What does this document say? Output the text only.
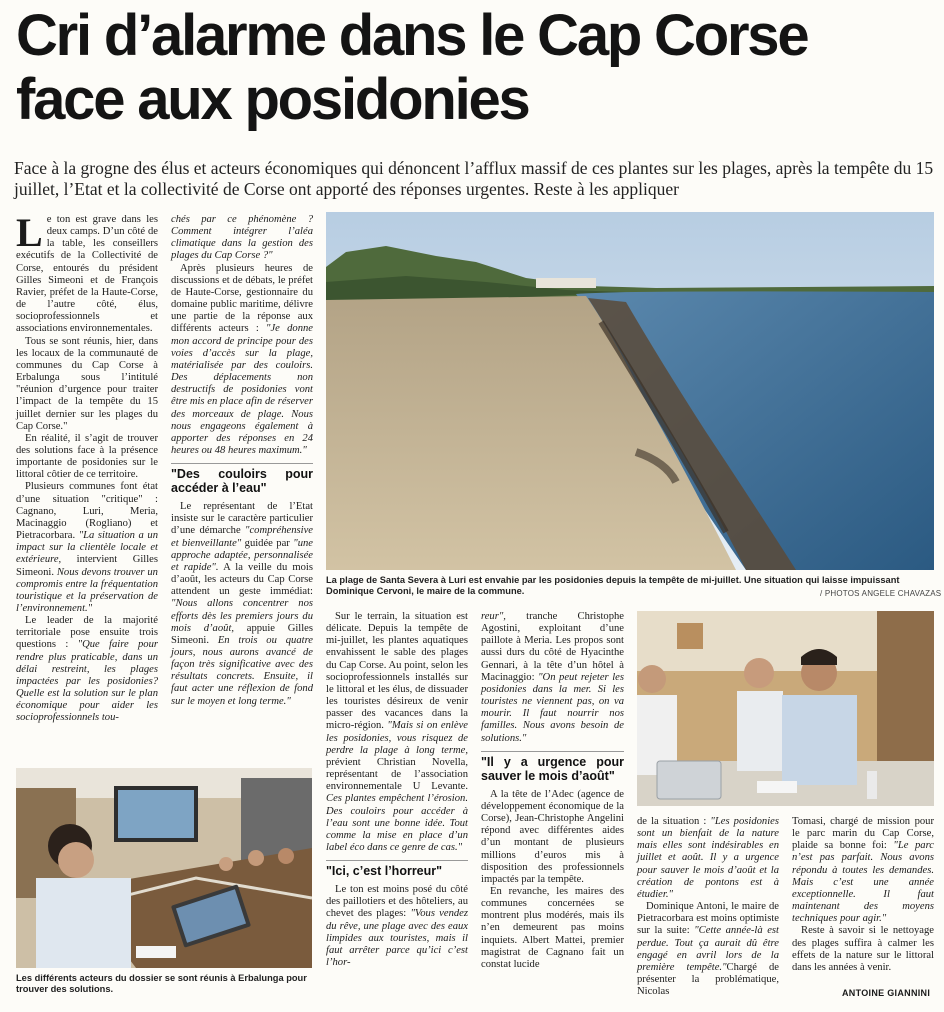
Cri d’alarme dans le Cap Corse
face aux posidonies

Face à la grogne des élus et acteurs économiques qui dénoncent l’afflux massif de ces plantes sur les plages, après la tempête du 15 juillet, l’Etat et la collectivité de Corse ont apporté des réponses urgentes. Reste à les appliquer

Le ton est grave dans les deux camps. D’un côté de la table, les conseillers exécutifs de la Collectivité de Corse, entourés du président Gilles Simeoni et de François Ravier, préfet de la Haute-Corse, de l’autre côté, élus, socioprofessionnels et associations environnementales.

Tous se sont réunis, hier, dans les locaux de la communauté de communes du Cap Corse à Erbalunga sous l’intitulé "réunion d’urgence pour traiter l’impact de la tempête du 15 juillet dernier sur les plages du Cap Corse."

En réalité, il s’agit de trouver des solutions face à la présence importante de posidonies sur le littoral côtier de ce territoire.

Plusieurs communes font état d’une situation "critique" : Cagnano, Luri, Meria, Macinaggio (Rogliano) et Pietracorbara. "La situation a un impact sur la clientèle locale et extérieure, intervient Gilles Simeoni. Nous devons trouver un compromis entre la fréquentation touristique et la préservation de l’environnement."

Le leader de la majorité territoriale pose ensuite trois questions : "Que faire pour rendre plus praticable, dans un délai restreint, les plages impactées par les posidonies? Quelle est la solution sur le plan économique pour aider les socioprofessionnels tou-

chés par ce phénomène ? Comment intégrer l’aléa climatique dans la gestion des plages du Cap Corse ?"

Après plusieurs heures de discussions et de débats, le préfet de Haute-Corse, gestionnaire du domaine public maritime, délivre une partie de la réponse aux différents acteurs : "Je donne mon accord de principe pour des voies d’accès sur la plage, matérialisée par des couloirs. Des déplacements non destructifs de posidonies vont être mis en place afin de réserver des morceaux de plage. Nous nous engageons également à apporter des réponses en 24 heures ou 48 heures maximum."

"Des couloirs pour accéder à l’eau"

Le représentant de l’Etat insiste sur le caractère particulier d’une démarche "compréhensive et bienveillante" guidée par "une approche adaptée, personnalisée et rapide". A la veille du mois d’août, les acteurs du Cap Corse attendent un geste immédiat: "Nous allons concentrer nos efforts dès les premiers jours du mois d’août, appuie Gilles Simeoni. En trois ou quatre jours, nous aurons avancé de façon très significative avec des résultats concrets. Ensuite, il faut acter une réflexion de fond sur le moyen et long terme."

La plage de Santa Severa à Luri est envahie par les posidonies depuis la tempête de mi-juillet. Une situation qui laisse impuissant Dominique Cervoni, le maire de la commune.	/ PHOTOS ANGELE CHAVAZAS

Sur le terrain, la situation est délicate. Depuis la tempête de mi-juillet, les plantes aquatiques envahissent le sable des plages du Cap Corse. Au point, selon les socioprofessionnels installés sur le littoral et les élus, de dissuader les touristes désireux de venir passer des vacances dans la micro-région. "Mais si on enlève les posidonies, vous risquez de perdre la plage à long terme, prévient Christian Novella, représentant de l’association environnementale U Levante. Ces plantes empêchent l’érosion. Des couloirs pour accéder à l’eau sont une bonne idée. Tout comme la mise en place d’un label éco dans ce genre de cas."

"Ici, c’est l’horreur"

Le ton est moins posé du côté des paillotiers et des hôteliers, au chevet des plages: "Vous vendez du rêve, une plage avec des eaux limpides aux touristes, mais il faut arrêter parce qu’ici c’est l’hor-

reur", tranche Christophe Agostini, exploitant d’une paillote à Meria. Les propos sont aussi durs du côté de Hyacinthe Gennari, à la tête d’un hôtel à Macinaggio: "On peut rejeter les posidonies dans la mer. Si les touristes ne viennent pas, on va mourir. Il faut nourrir nos familles. Nous avons besoin de solutions."

"Il y a urgence pour sauver le mois d’août"

A la tête de l’Adec (agence de développement économique de la Corse), Jean-Christophe Angelini répond avec différentes aides d’un montant de plusieurs millions d’euros mis à disposition des professionnels impactés par la tempête.

En revanche, les maires des communes concernées se montrent plus modérés, mais ils n’en demeurent pas moins inquiets. Albert Mattei, premier magistrat de Cagnano fait un constat lucide

de la situation : "Les posidonies sont un bienfait de la nature mais elles sont indésirables en juillet et août. Il y a urgence pour sauver le mois d’août et la création de pontons est à étudier."

Dominique Antoni, le maire de Pietracorbara est moins optimiste sur la suite: "Cette année-là est perdue. Tout ça aurait dû être engagé en avril lors de la première tempête."Chargé de présenter la problématique, Nicolas

Tomasi, chargé de mission pour le parc marin du Cap Corse, plaide sa bonne foi: "Le parc n’est pas parfait. Nous avons répondu à toutes les demandes. Mais c’est une année exceptionnelle. Il faut maintenant des moyens techniques pour agir."

Reste à savoir si le nettoyage des plages suffira à calmer les effets de la nature sur le littoral dans les années à venir.

ANTOINE GIANNINI

Les différents acteurs du dossier se sont réunis à Erbalunga pour trouver des solutions.
